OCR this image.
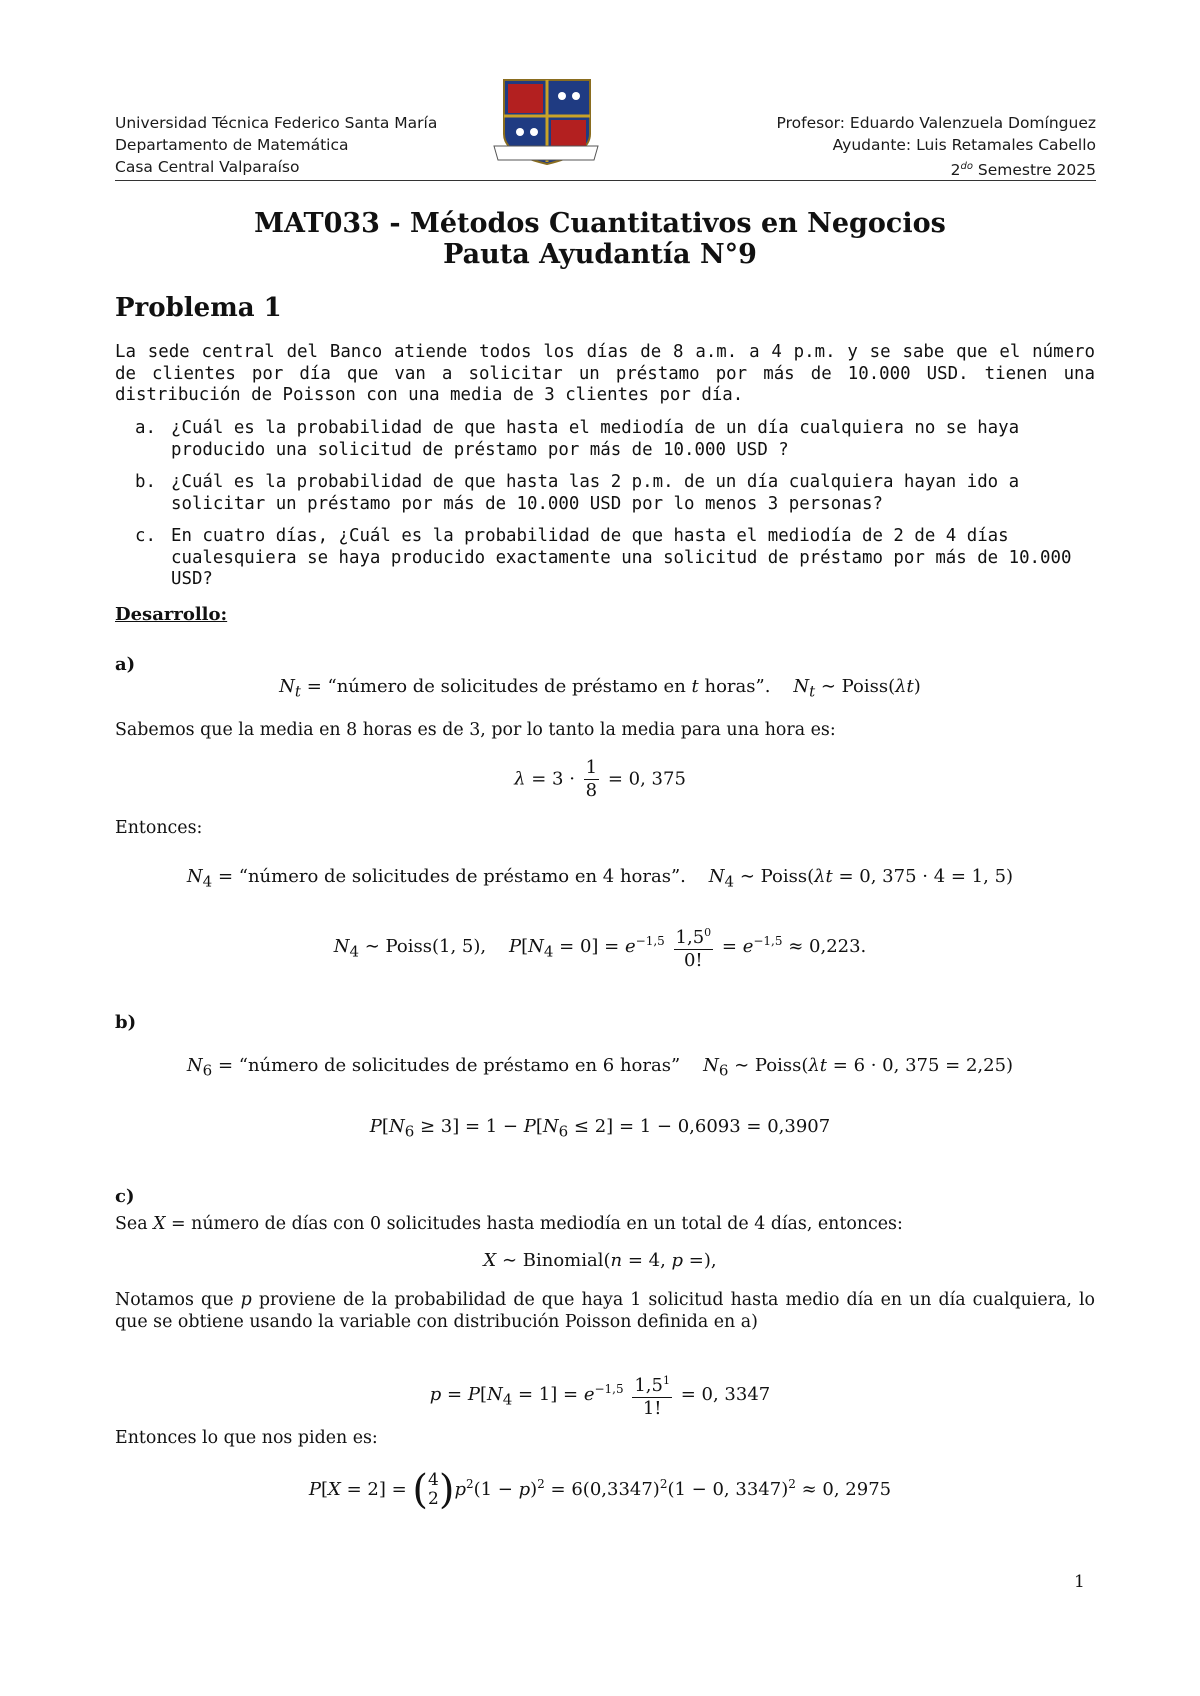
Universidad Técnica Federico Santa María
Departamento de Matemática
Casa Central Valparaíso
Profesor: Eduardo Valenzuela Domínguez
Ayudante: Luis Retamales Cabello
$2^{do}$ Semestre 2025
MAT033 - Métodos Cuantitativos en Negocios
Pauta Ayudantía N°9
Problema 1
La sede central del Banco atiende todos los días de 8 a.m. a 4 p.m. y se sabe que el número de clientes por día que van a solicitar un préstamo por más de 10.000 USD. tienen una distribución de Poisson con una media de 3 clientes por día.
a. ¿Cuál es la probabilidad de que hasta el mediodía de un día cualquiera no se haya producido una solicitud de préstamo por más de 10.000 USD ?
b. ¿Cuál es la probabilidad de que hasta las 2 p.m. de un día cualquiera hayan ido a solicitar un préstamo por más de 10.000 USD por lo menos 3 personas?
c. En cuatro días, ¿Cuál es la probabilidad de que hasta el mediodía de 2 de 4 días cualesquiera se haya producido exactamente una solicitud de préstamo por más de 10.000 USD?
Desarrollo:
a)
$N_t$ = “número de solicitudes de préstamo en t horas”. $N_t$ ∼ Poiss(λt)
Sabemos que la media en 8 horas es de 3, por lo tanto la media para una hora es:
$\lambda = 3 \cdot \frac{1}{8} = 0$, 375
Entonces:
$N_4$ = “número de solicitudes de préstamo en 4 horas”. $N_4$ ∼ Poiss(λt = 0, 375 · 4 = 1, 5)
$N_4$ ∼ Poiss(1, 5), $P[N_4 = 0] = e^{-1,5} \frac{1,5^0}{0!} = e^{-1,5} \approx 0,223$.
b)
$N_6$ = “número de solicitudes de préstamo en 6 horas” $N_6$ ∼ Poiss(λt = 6 · 0, 375 = 2,25)
$P[N_6 \ge 3] = 1 - P[N_6 \le 2] = 1 - 0,6093 = 0,3907$
c)
Sea X = número de días con 0 solicitudes hasta mediodía en un total de 4 días, entonces:
X ∼ Binomial(n = 4, p =),
Notamos que p proviene de la probabilidad de que haya 1 solicitud hasta medio día en un día cualquiera, lo que se obtiene usando la variable con distribución Poisson definida en a)
$p = P[N_4 = 1] = e^{-1,5} \frac{1,5^1}{1!} = 0$, 3347
Entonces lo que nos piden es:
P[X = 2] = ( 4
2 )$p^2(1 - p)^2 = 6(0,3347)^2(1 - 0$, 3347)$^2$ ≈ 0, 2975
1
